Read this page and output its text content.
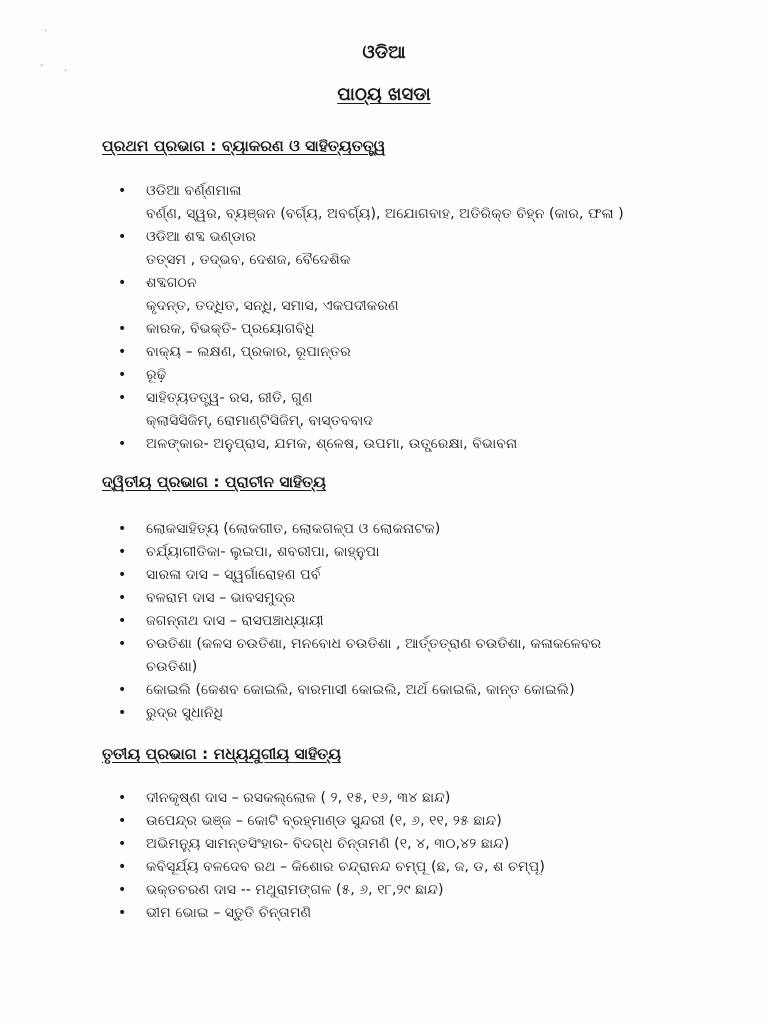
·
-
·
ଓଡିଆ
ପାଠ୍ୟ ଖସଡା
ପ୍ରଥମ ପ୍ରଭାଗ : ବ୍ୟାକରଣ ଓ ସାହିତ୍ୟତତ୍ତ୍ୱ
• ଓଡିଆ ବର୍ଣ୍ଣମାଳା
ବର୍ଣ୍ଣ, ସ୍ୱର, ବ୍ୟଞ୍ଜନ (ବର୍ଗ୍ୟ, ଅବର୍ଗ୍ୟ), ଅଯୋଗବାହ, ଅତିରିକ୍ତ ଚିହ୍ନ (କାର, ଫଳା )
• ଓଡିଆ ଶବ୍ଦ ଭଣ୍ଡାର
ତତ୍ସମ , ତଦ୍‌ଭବ, ଦେଶଜ, ବୈଦେଶିକ
• ଶବ୍ଦଗଠନ
କୃଦନ୍ତ, ତଦ୍ଧିତ, ସନ୍ଧି, ସମାସ, ଏକପଦୀକରଣ
• କାରକ, ବିଭକ୍ତି- ପ୍ରୟୋଗବିଧି
• ବାକ୍ୟ – ଲକ୍ଷଣ, ପ୍ରକାର, ରୂପାନ୍ତର
• ରୂଢ଼ି
• ସାହିତ୍ୟତତ୍ତ୍ୱ- ରସ, ରୀତି, ଗୁଣ
କ୍ଲାସିସିଜିମ୍, ରୋମାଣ୍ଟିସିଜିମ୍, ବାସ୍ତବବାଦ
• ଅଳଙ୍କାର- ଅନୁପ୍ରାସ, ଯମକ, ଶ୍ଳେଷ, ଉପମା, ଉତ୍ପ୍ରେକ୍ଷା, ବିଭାବନା
ଦ୍ୱିତୀୟ ପ୍ରଭାଗ : ପ୍ରାଚୀନ ସାହିତ୍ୟ
• ଲୋକସାହିତ୍ୟ (ଲୋକଗୀତ, ଲୋକଗଳ୍ପ ଓ ଲୋକନାଟକ)
• ଚର୍ଯ୍ୟାଗୀତିକା- ଲୁଇପା, ଶବରୀପା, କାହ୍ନୁପା
• ସାରଳା ଦାସ – ସ୍ୱର୍ଗାରୋହଣ ପର୍ବ
• ବଳରାମ ଦାସ – ଭାବସମୁଦ୍ର
• ଜଗନ୍ନାଥ ଦାସ – ରାସପଞ୍ଚାଧ୍ୟାୟୀ
• ଚଉତିଶା (କଳସ ଚଉତିଶା, ମନବୋଧ ଚଉତିଶା , ଆର୍ତ୍ତତ୍ରାଣ ଚଉତିଶା, କଳାକଳେବର
ଚଉତିଶା)
• କୋଇଲି (କେଶବ କୋଇଲି, ବାରମାସୀ କୋଇଲି, ଅର୍ଥ କୋଇଲି, କାନ୍ତ କୋଇଲି)
• ରୁଦ୍ର ସୁଧାନିଧି
ତୃତୀୟ ପ୍ରଭାଗ : ମଧ୍ୟଯୁଗୀୟ ସାହିତ୍ୟ
• ଦୀନକୃଷ୍ଣ ଦାସ – ରସକଲ୍ଲୋଳ ( ୨, ୧୫, ୧୬, ୩୪ ଛାନ୍ଦ)
• ଉପେନ୍ଦ୍ର ଭଞ୍ଜ – କୋଟି ବ୍ରହ୍ମାଣ୍ଡ ସୁନ୍ଦରୀ (୧, ୬, ୧୧, ୨୫ ଛାନ୍ଦ)
• ଅଭିମନ୍ୟୁ ସାମନ୍ତସିଂହାର- ବିଦଗ୍ଧ ଚିନ୍ତାମଣି (୧, ୪, ୩୦,୪୨ ଛାନ୍ଦ)
• କବିସୂର୍ଯ୍ୟ ବଳଦେବ ରଥ – କିଶୋର ଚନ୍ଦ୍ରାନନ୍ଦ ଚମ୍ପୂ (ଛ, ଜ, ଡ, ଶ ଚମ୍ପୂ)
• ଭକ୍ତଚରଣ ଦାସ -- ମଥୁରାମଙ୍ଗଳ (୫, ୬, ୧୮,୨୯ ଛାନ୍ଦ)
• ଭୀମ ଭୋଇ – ସ୍ତୁତି ଚିନ୍ତାମଣି
